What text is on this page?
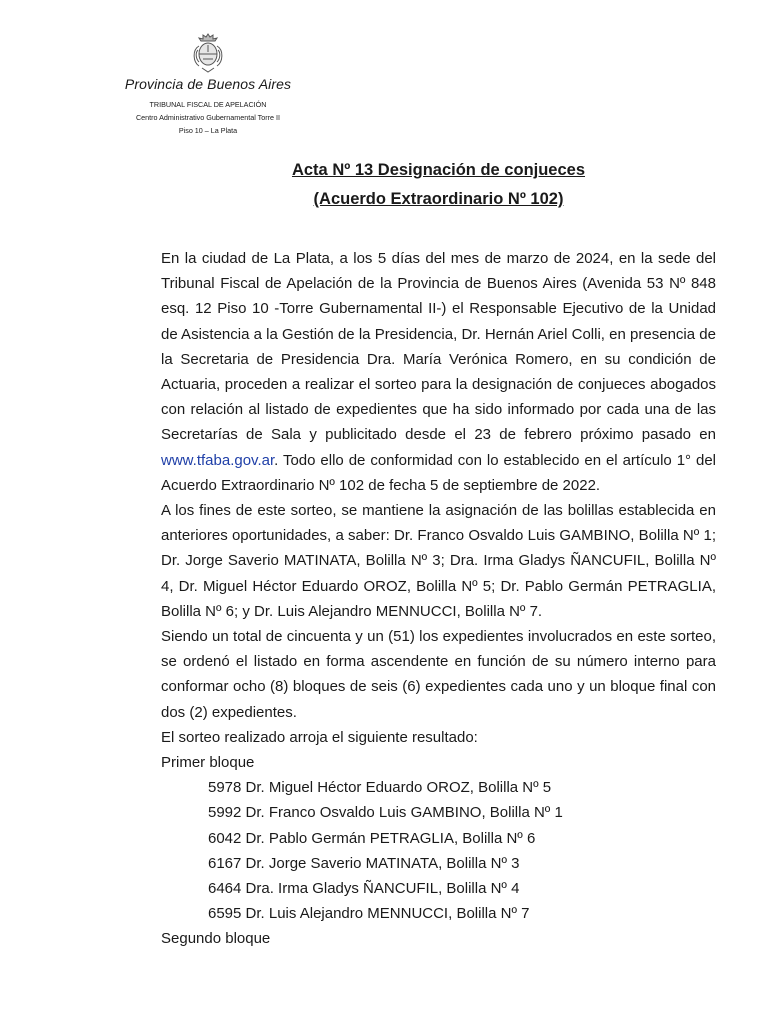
Provincia de Buenos Aires
TRIBUNAL FISCAL DE APELACIÓN
Centro Administrativo Gubernamental Torre II
Piso 10 – La Plata
Acta Nº 13 Designación de conjueces
(Acuerdo Extraordinario Nº 102)

En la ciudad de La Plata, a los 5 días del mes de marzo de 2024, en la sede del Tribunal Fiscal de Apelación de la Provincia de Buenos Aires (Avenida 53 Nº 848 esq. 12 Piso 10 -Torre Gubernamental II-) el Responsable Ejecutivo de la Unidad de Asistencia a la Gestión de la Presidencia, Dr. Hernán Ariel Colli, en presencia de la Secretaria de Presidencia Dra. María Verónica Romero, en su condición de Actuaria, proceden a realizar el sorteo para la designación de conjueces abogados con relación al listado de expedientes que ha sido informado por cada una de las Secretarías de Sala y publicitado desde el 23 de febrero próximo pasado en www.tfaba.gov.ar. Todo ello de conformidad con lo establecido en el artículo 1° del Acuerdo Extraordinario Nº 102 de fecha 5 de septiembre de 2022.

A los fines de este sorteo, se mantiene la asignación de las bolillas establecida en anteriores oportunidades, a saber: Dr. Franco Osvaldo Luis GAMBINO, Bolilla Nº 1; Dr. Jorge Saverio MATINATA, Bolilla Nº 3; Dra. Irma Gladys ÑANCUFIL, Bolilla Nº 4, Dr. Miguel Héctor Eduardo OROZ, Bolilla Nº 5; Dr. Pablo Germán PETRAGLIA, Bolilla Nº 6; y Dr. Luis Alejandro MENNUCCI, Bolilla Nº 7.

Siendo un total de cincuenta y un (51) los expedientes involucrados en este sorteo, se ordenó el listado en forma ascendente en función de su número interno para conformar ocho (8) bloques de seis (6) expedientes cada uno y un bloque final con dos (2) expedientes.

El sorteo realizado arroja el siguiente resultado:

Primer bloque

5978 Dr. Miguel Héctor Eduardo OROZ, Bolilla Nº 5

5992 Dr. Franco Osvaldo Luis GAMBINO, Bolilla Nº 1

6042 Dr. Pablo Germán PETRAGLIA, Bolilla Nº 6

6167 Dr. Jorge Saverio MATINATA, Bolilla Nº 3

6464 Dra. Irma Gladys ÑANCUFIL, Bolilla Nº 4

6595 Dr. Luis Alejandro MENNUCCI, Bolilla Nº 7

Segundo bloque
